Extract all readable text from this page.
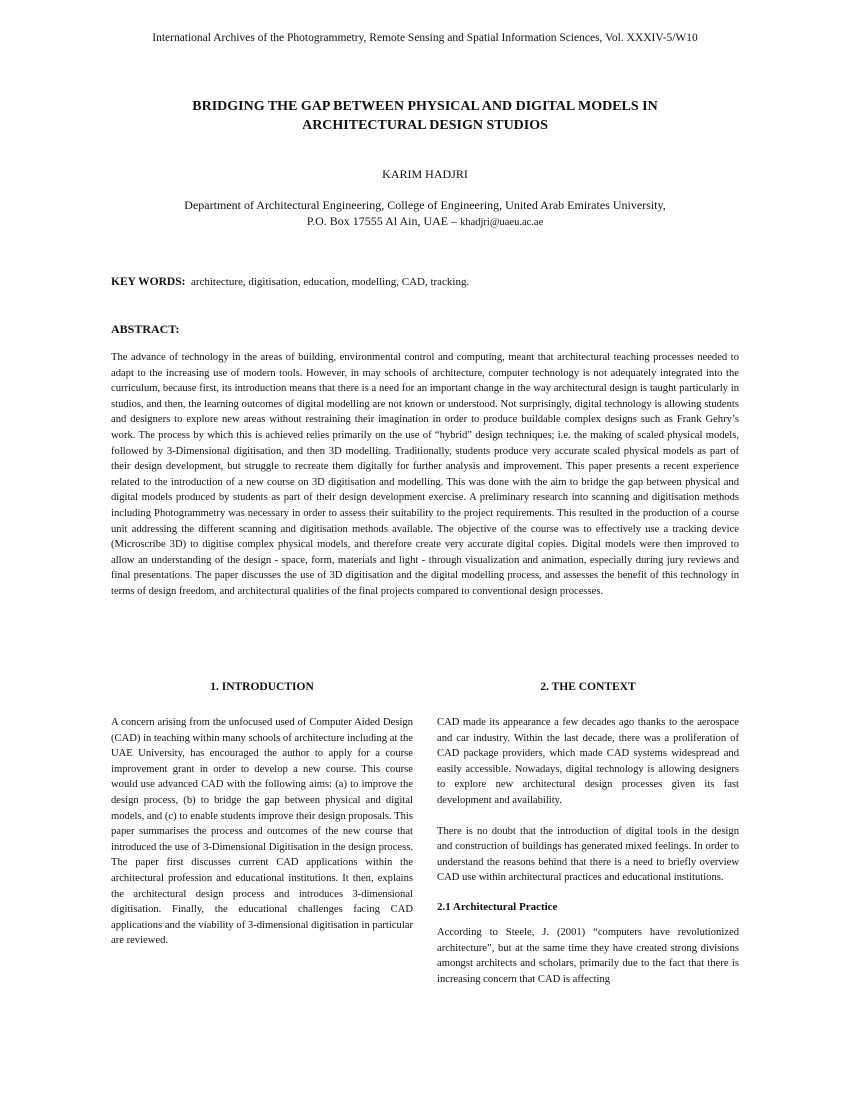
International Archives of the Photogrammetry, Remote Sensing and Spatial Information Sciences, Vol. XXXIV-5/W10
BRIDGING THE GAP BETWEEN PHYSICAL AND DIGITAL MODELS IN
ARCHITECTURAL DESIGN STUDIOS
KARIM HADJRI
Department of Architectural Engineering, College of Engineering, United Arab Emirates University,
P.O. Box 17555 Al Ain, UAE – khadjri@uaeu.ac.ae
KEY WORDS: architecture, digitisation, education, modelling, CAD, tracking.
ABSTRACT:

The advance of technology in the areas of building, environmental control and computing, meant that architectural teaching processes needed to adapt to the increasing use of modern tools. However, in may schools of architecture, computer technology is not adequately integrated into the curriculum, because first, its introduction means that there is a need for an important change in the way architectural design is taught particularly in studios, and then, the learning outcomes of digital modelling are not known or understood. Not surprisingly, digital technology is allowing students and designers to explore new areas without restraining their imagination in order to produce buildable complex designs such as Frank Gehry’s work. The process by which this is achieved relies primarily on the use of “hybrid” design techniques; i.e. the making of scaled physical models, followed by 3-Dimensional digitisation, and then 3D modelling. Traditionally, students produce very accurate scaled physical models as part of their design development, but struggle to recreate them digitally for further analysis and improvement. This paper presents a recent experience related to the introduction of a new course on 3D digitisation and modelling. This was done with the aim to bridge the gap between physical and digital models produced by students as part of their design development exercise. A preliminary research into scanning and digitisation methods including Photogrammetry was necessary in order to assess their suitability to the project requirements. This resulted in the production of a course unit addressing the different scanning and digitisation methods available. The objective of the course was to effectively use a tracking device (Microscribe 3D) to digitise complex physical models, and therefore create very accurate digital copies. Digital models were then improved to allow an understanding of the design - space, form, materials and light - through visualization and animation, especially during jury reviews and final presentations. The paper discusses the use of 3D digitisation and the digital modelling process, and assesses the benefit of this technology in terms of design freedom, and architectural qualities of the final projects compared to conventional design processes.

1. INTRODUCTION

A concern arising from the unfocused used of Computer Aided Design (CAD) in teaching within many schools of architecture including at the UAE University, has encouraged the author to apply for a course improvement grant in order to develop a new course. This course would use advanced CAD with the following aims: (a) to improve the design process, (b) to bridge the gap between physical and digital models, and (c) to enable students improve their design proposals. This paper summarises the process and outcomes of the new course that introduced the use of 3-Dimensional Digitisation in the design process. The paper first discusses current CAD applications within the architectural profession and educational institutions. It then, explains the architectural design process and introduces 3-dimensional digitisation. Finally, the educational challenges facing CAD applications and the viability of 3-dimensional digitisation in particular are reviewed.

2. THE CONTEXT

CAD made its appearance a few decades ago thanks to the aerospace and car industry. Within the last decade, there was a proliferation of CAD package providers, which made CAD systems widespread and easily accessible. Nowadays, digital technology is allowing designers to explore new architectural design processes given its fast development and availability.

There is no doubt that the introduction of digital tools in the design and construction of buildings has generated mixed feelings. In order to understand the reasons behind that there is a need to briefly overview CAD use within architectural practices and educational institutions.

2.1 Architectural Practice

According to Steele, J. (2001) “computers have revolutionized architecture”, but at the same time they have created strong divisions amongst architects and scholars, primarily due to the fact that there is increasing concern that CAD is affecting
